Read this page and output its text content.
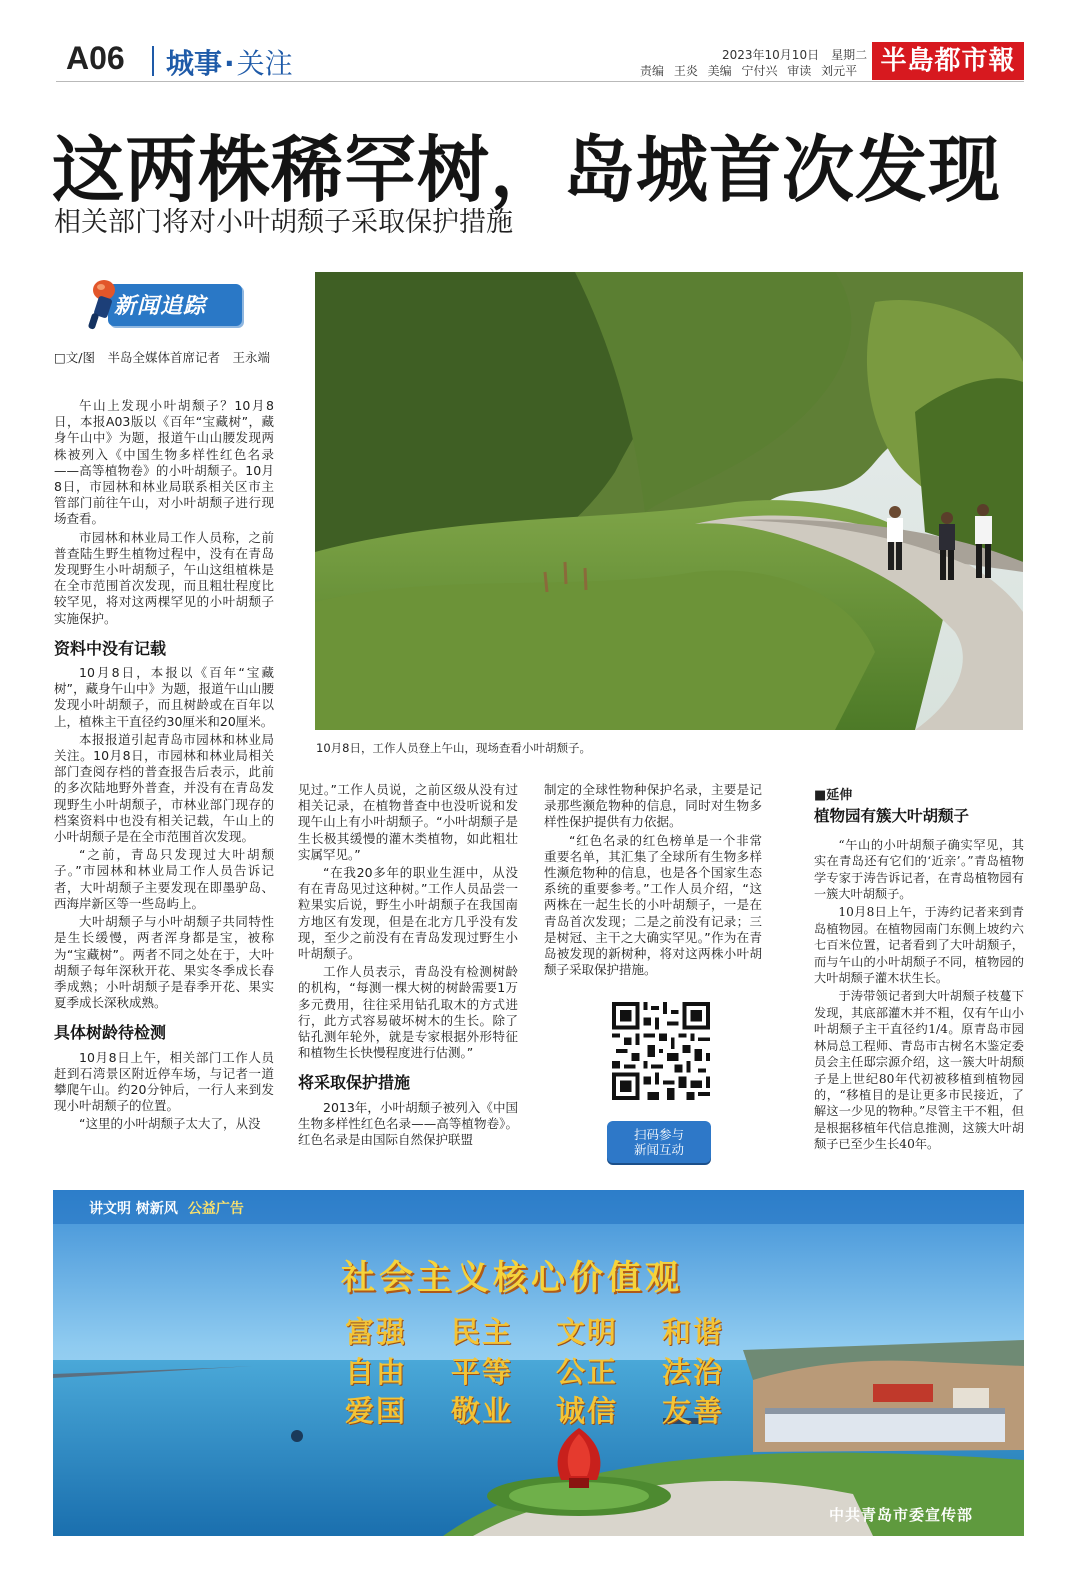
A06 城事·关注	2023年10月10日　星期二
责编 王炎 美编 宁付兴 审读 刘元平 半島都市報
这两株稀罕树，岛城首次发现
相关部门将对小叶胡颓子采取保护措施
新闻追踪
□文/图　半岛全媒体首席记者　王永端
10月8日，工作人员登上午山，现场查看小叶胡颓子。

午山上发现小叶胡颓子？10月8日，本报A03版以《百年“宝藏树”，藏身午山中》为题，报道午山山腰发现两株被列入《中国生物多样性红色名录——高等植物卷》的小叶胡颓子。10月8日，市园林和林业局联系相关区市主管部门前往午山，对小叶胡颓子进行现场查看。

市园林和林业局工作人员称，之前普查陆生野生植物过程中，没有在青岛发现野生小叶胡颓子，午山这组植株是在全市范围首次发现，而且粗壮程度比较罕见，将对这两棵罕见的小叶胡颓子实施保护。

资料中没有记载

10月8日，本报以《百年“宝藏树”，藏身午山中》为题，报道午山山腰发现小叶胡颓子，而且树龄或在百年以上，植株主干直径约30厘米和20厘米。

本报报道引起青岛市园林和林业局关注。10月8日，市园林和林业局相关部门查阅存档的普查报告后表示，此前的多次陆地野外普查，并没有在青岛发现野生小叶胡颓子，市林业部门现存的档案资料中也没有相关记载，午山上的小叶胡颓子是在全市范围首次发现。

“之前，青岛只发现过大叶胡颓子。”市园林和林业局工作人员告诉记者，大叶胡颓子主要发现在即墨驴岛、西海岸新区等一些岛屿上。

大叶胡颓子与小叶胡颓子共同特性是生长缓慢，两者浑身都是宝，被称为“宝藏树”。两者不同之处在于，大叶胡颓子每年深秋开花、果实冬季成长春季成熟；小叶胡颓子是春季开花、果实夏季成长深秋成熟。

具体树龄待检测

10月8日上午，相关部门工作人员赶到石湾景区附近停车场，与记者一道攀爬午山。约20分钟后，一行人来到发现小叶胡颓子的位置。

“这里的小叶胡颓子太大了，从没

见过。”工作人员说，之前区级从没有过相关记录，在植物普查中也没听说和发现午山上有小叶胡颓子。“小叶胡颓子是生长极其缓慢的灌木类植物，如此粗壮实属罕见。”

“在我20多年的职业生涯中，从没有在青岛见过这种树。”工作人员品尝一粒果实后说，野生小叶胡颓子在我国南方地区有发现，但是在北方几乎没有发现，至少之前没有在青岛发现过野生小叶胡颓子。

工作人员表示，青岛没有检测树龄的机构，“每测一棵大树的树龄需要1万多元费用，往往采用钻孔取木的方式进行，此方式容易破坏树木的生长。除了钻孔测年轮外，就是专家根据外形特征和植物生长快慢程度进行估测。”

将采取保护措施

2013年，小叶胡颓子被列入《中国生物多样性红色名录——高等植物卷》。红色名录是由国际自然保护联盟

制定的全球性物种保护名录，主要是记录那些濒危物种的信息，同时对生物多样性保护提供有力依据。

“红色名录的红色榜单是一个非常重要名单，其汇集了全球所有生物多样性濒危物种的信息，也是各个国家生态系统的重要参考。”工作人员介绍，“这两株在一起生长的小叶胡颓子，一是在青岛首次发现；二是之前没有记录；三是树冠、主干之大确实罕见。”作为在青岛被发现的新树种，将对这两株小叶胡颓子采取保护措施。

扫码参与
新闻互动
■延伸
植物园有簇大叶胡颓子

“午山的小叶胡颓子确实罕见，其实在青岛还有它们的‘近亲’。”青岛植物学专家于涛告诉记者，在青岛植物园有一簇大叶胡颓子。

10月8日上午，于涛约记者来到青岛植物园。在植物园南门东侧上坡约六七百米位置，记者看到了大叶胡颓子，而与午山的小叶胡颓子不同，植物园的大叶胡颓子灌木状生长。

于涛带领记者到大叶胡颓子枝蔓下发现，其底部灌木并不粗，仅有午山小叶胡颓子主干直径约1/4。原青岛市园林局总工程师、青岛市古树名木鉴定委员会主任邸宗源介绍，这一簇大叶胡颓子是上世纪80年代初被移植到植物园的，“移植目的是让更多市民接近，了解这一少见的物种。”尽管主干不粗，但是根据移植年代信息推测，这簇大叶胡颓子已至少生长40年。

讲文明 树新风 公益广告
社会主义核心价值观
富强	民主	文明	和谐
自由	平等	公正	法治
爱国	敬业	诚信	友善
中共青岛市委宣传部
